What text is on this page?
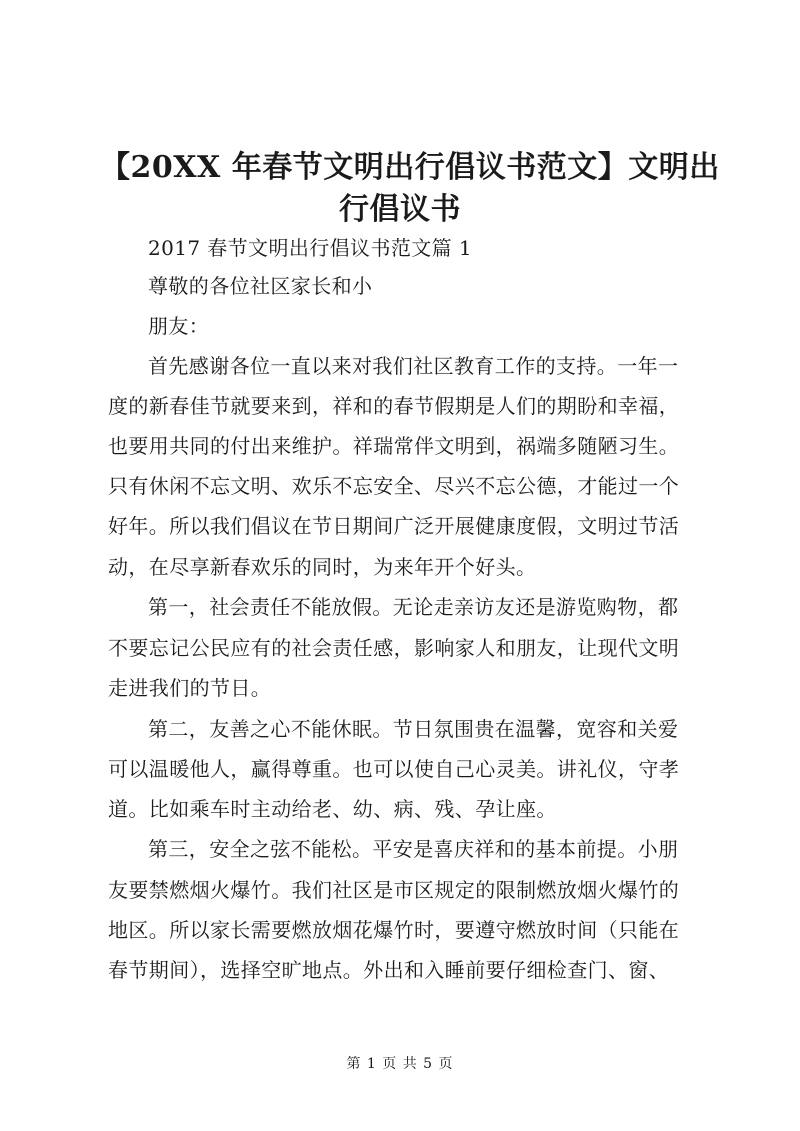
【20XX 年春节文明出行倡议书范文】文明出
行倡议书
2017 春节文明出行倡议书范文篇 1
尊敬的各位社区家长和小
朋友：
首先感谢各位一直以来对我们社区教育工作的支持。一年一
度的新春佳节就要来到，祥和的春节假期是人们的期盼和幸福，
也要用共同的付出来维护。祥瑞常伴文明到，祸端多随陋习生。
只有休闲不忘文明、欢乐不忘安全、尽兴不忘公德，才能过一个
好年。所以我们倡议在节日期间广泛开展健康度假，文明过节活
动，在尽享新春欢乐的同时，为来年开个好头。
第一，社会责任不能放假。无论走亲访友还是游览购物，都
不要忘记公民应有的社会责任感，影响家人和朋友，让现代文明
走进我们的节日。
第二，友善之心不能休眠。节日氛围贵在温馨，宽容和关爱
可以温暖他人，赢得尊重。也可以使自己心灵美。讲礼仪，守孝
道。比如乘车时主动给老、幼、病、残、孕让座。
第三，安全之弦不能松。平安是喜庆祥和的基本前提。小朋
友要禁燃烟火爆竹。我们社区是市区规定的限制燃放烟火爆竹的
地区。所以家长需要燃放烟花爆竹时，要遵守燃放时间（只能在
春节期间），选择空旷地点。外出和入睡前要仔细检查门、窗、
第 1 页 共 5 页
